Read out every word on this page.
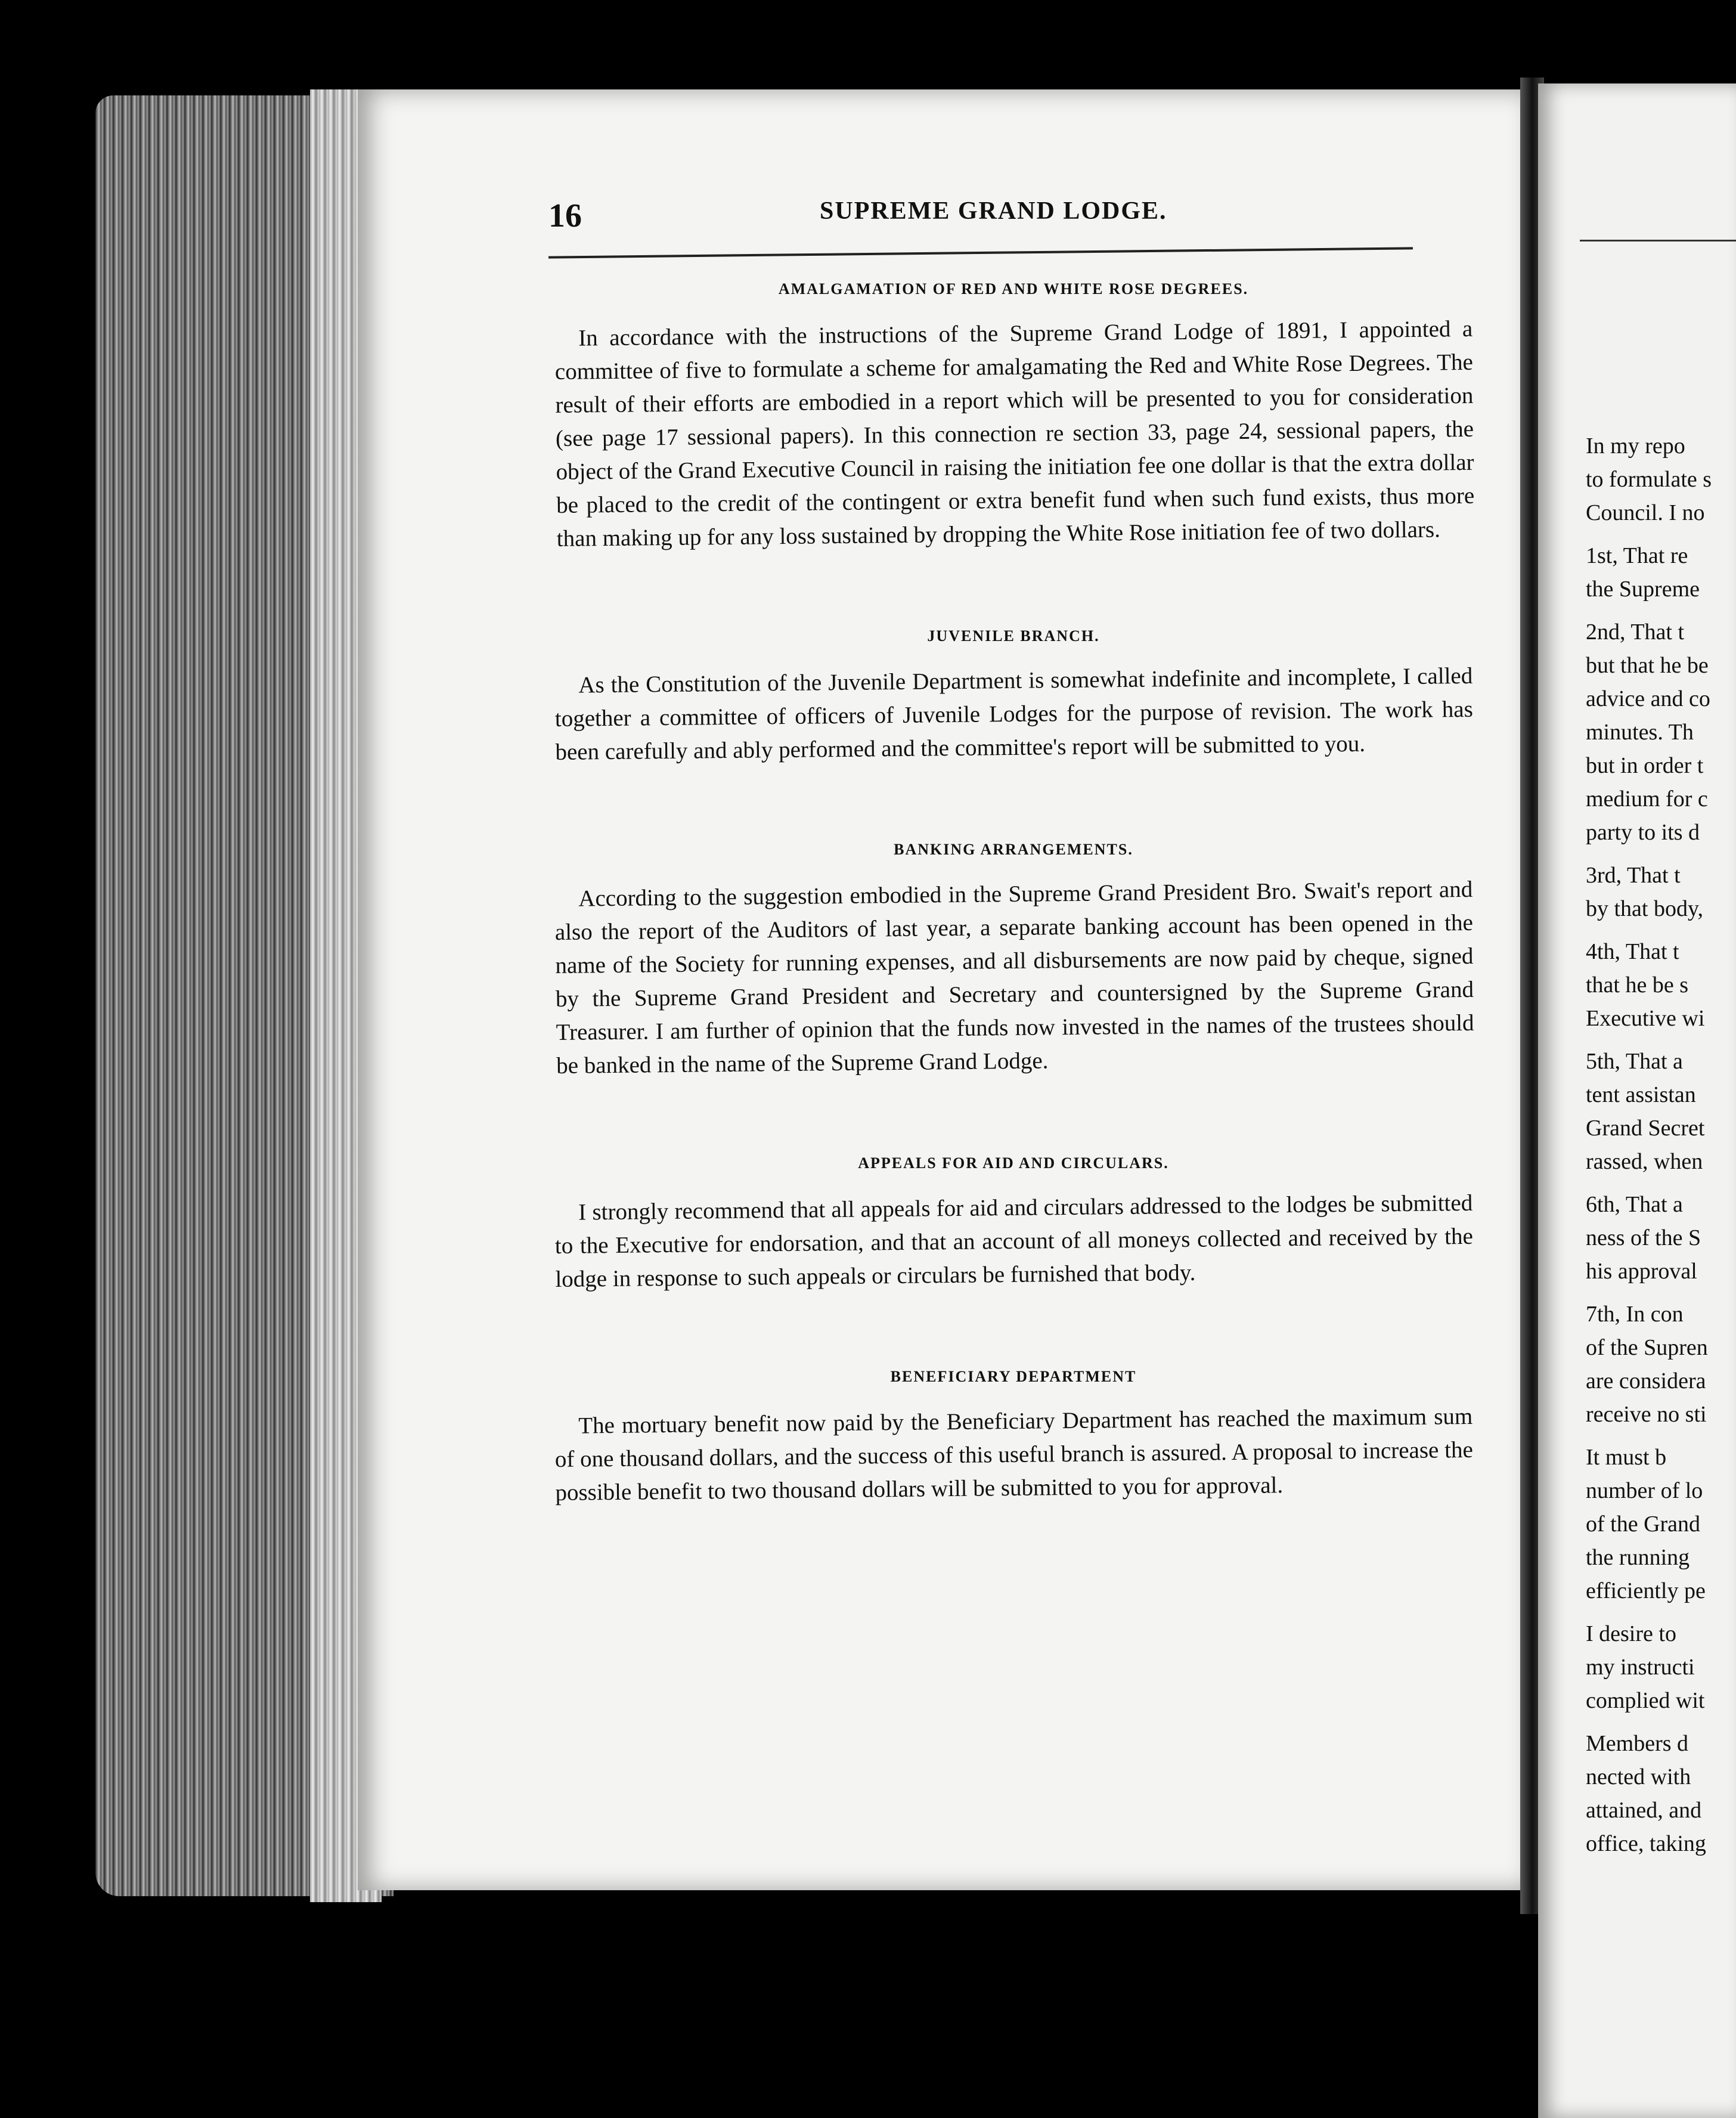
16	SUPREME GRAND LODGE.
AMALGAMATION OF RED AND WHITE ROSE DEGREES.

In accordance with the instructions of the Supreme Grand Lodge of 1891, I appointed a committee of five to formulate a scheme for amalgamating the Red and White Rose Degrees. The result of their efforts are embodied in a report which will be presented to you for consideration (see page 17 sessional papers). In this connection re section 33, page 24, sessional papers, the object of the Grand Executive Council in raising the initiation fee one dollar is that the extra dollar be placed to the credit of the contingent or extra benefit fund when such fund exists, thus more than making up for any loss sustained by dropping the White Rose initiation fee of two dollars.

JUVENILE BRANCH.

As the Constitution of the Juvenile Department is somewhat indefinite and incomplete, I called together a committee of officers of Juvenile Lodges for the purpose of revision. The work has been carefully and ably performed and the committee's report will be submitted to you.

BANKING ARRANGEMENTS.

According to the suggestion embodied in the Supreme Grand President Bro. Swait's report and also the report of the Auditors of last year, a separate banking account has been opened in the name of the Society for running expenses, and all disbursements are now paid by cheque, signed by the Supreme Grand President and Secretary and countersigned by the Supreme Grand Treasurer. I am further of opinion that the funds now invested in the names of the trustees should be banked in the name of the Supreme Grand Lodge.

APPEALS FOR AID AND CIRCULARS.

I strongly recommend that all appeals for aid and circulars addressed to the lodges be submitted to the Executive for endorsation, and that an account of all moneys collected and received by the lodge in response to such appeals or circulars be furnished that body.

BENEFICIARY DEPARTMENT

The mortuary benefit now paid by the Beneficiary Department has reached the maximum sum of one thousand dollars, and the success of this useful branch is assured. A proposal to increase the possible benefit to two thousand dollars will be submitted to you for approval.

In my repo
to formulate s
Council. I no
1st, That re
the Supreme
2nd, That t
but that he be
advice and co
minutes. Th
but in order t
medium for c
party to its d
3rd, That t
by that body,
4th, That t
that he be s
Executive wi
5th, That a
tent assistan
Grand Secret
rassed, when
6th, That a
ness of the S
his approval
7th, In con
of the Supren
are considera
receive no sti
It must b
number of lo
of the Grand
the running
efficiently pe
I desire to
my instructi
complied wit
Members d
nected with
attained, and
office, taking
